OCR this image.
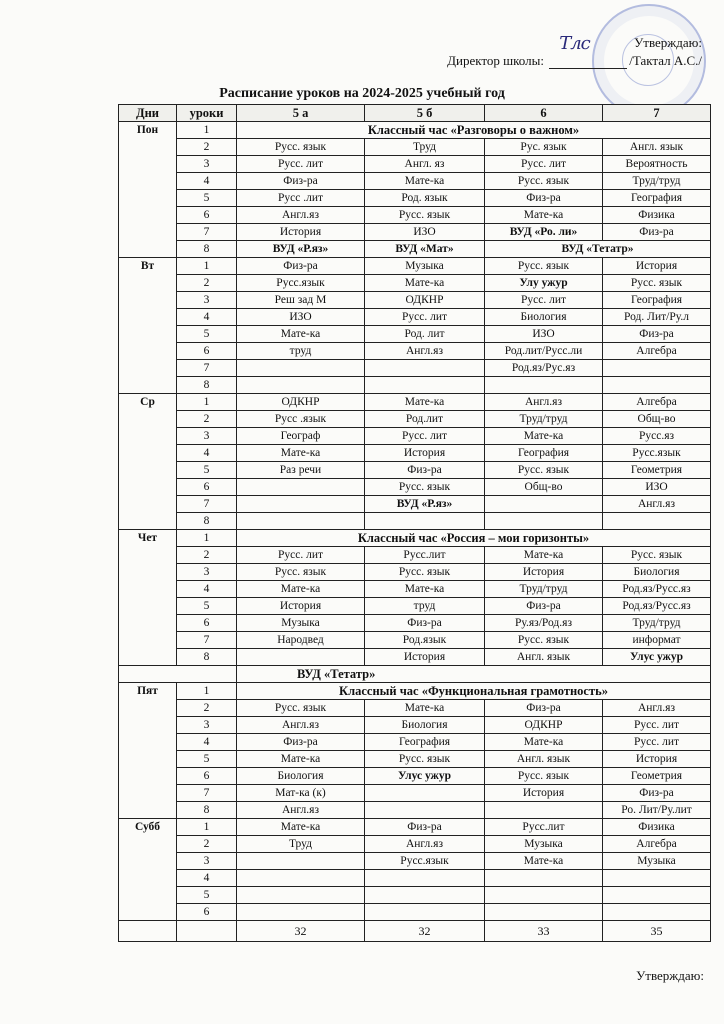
Утверждаю:
Директор школы:
Тлс
/Тактал А.С./
Расписание уроков на 2024-2025 учебный год
Дни	уроки	5 а	5 б	6	7
Пон	1	Классный час «Разговоры о важном»			
	2	Русс. язык	Труд	Рус. язык	Англ. язык
	3	Русс. лит	Англ. яз	Русс. лит	Вероятность
	4	Физ-ра	Мате-ка	Русс. язык	Труд/труд
	5	Русс .лит	Род. язык	Физ-ра	География
	6	Англ.яз	Русс. язык	Мате-ка	Физика
	7	История	ИЗО	ВУД «Ро. ли»	Физ-ра
	8	ВУД «Р.яз»	ВУД «Мат»	ВУД «Тетатр»	
Вт	1	Физ-ра	Музыка	Русс. язык	История
	2	Русс.язык	Мате-ка	Улу ужур	Русс. язык
	3	Реш зад М	ОДКНР	Русс. лит	География
	4	ИЗО	Русс. лит	Биология	Род. Лит/Ру.л
	5	Мате-ка	Род. лит	ИЗО	Физ-ра
	6	труд	Англ.яз	Род.лит/Русс.ли	Алгебра
	7			Род.яз/Рус.яз	
	8				
Ср	1	ОДКНР	Мате-ка	Англ.яз	Алгебра
	2	Русс .язык	Род.лит	Труд/труд	Общ-во
	3	Географ	Русс. лит	Мате-ка	Русс.яз
	4	Мате-ка	История	География	Русс.язык
	5	Раз речи	Физ-ра	Русс. язык	Геометрия
	6		Русс. язык	Общ-во	ИЗО
	7		ВУД «Р.яз»		Англ.яз
	8				
Чет	1	Классный час «Россия – мои горизонты»			
	2	Русс. лит	Русс.лит	Мате-ка	Русс. язык
	3	Русс. язык	Русс. язык	История	Биология
	4	Мате-ка	Мате-ка	Труд/труд	Род.яз/Русс.яз
	5	История	труд	Физ-ра	Род.яз/Русс.яз
	6	Музыка	Физ-ра	Ру.яз/Род.яз	Труд/труд
	7	Народвед	Род.язык	Русс. язык	информат
	8		История	Англ. язык	Улус ужур
		ВУД «Тетатр»			
Пят	1	Классный час «Функциональная грамотность»			
	2	Русс. язык	Мате-ка	Физ-ра	Англ.яз
	3	Англ.яз	Биология	ОДКНР	Русс. лит
	4	Физ-ра	География	Мате-ка	Русс. лит
	5	Мате-ка	Русс. язык	Англ. язык	История
	6	Биология	Улус ужур	Русс. язык	Геометрия
	7	Мат-ка (к)		История	Физ-ра
	8	Англ.яз			Ро. Лит/Ру.лит
Субб	1	Мате-ка	Физ-ра	Русс.лит	Физика
	2	Труд	Англ.яз	Музыка	Алгебра
	3		Русс.язык	Мате-ка	Музыка
	4				
	5				
	6				
		32	32	33	35
Утверждаю:
